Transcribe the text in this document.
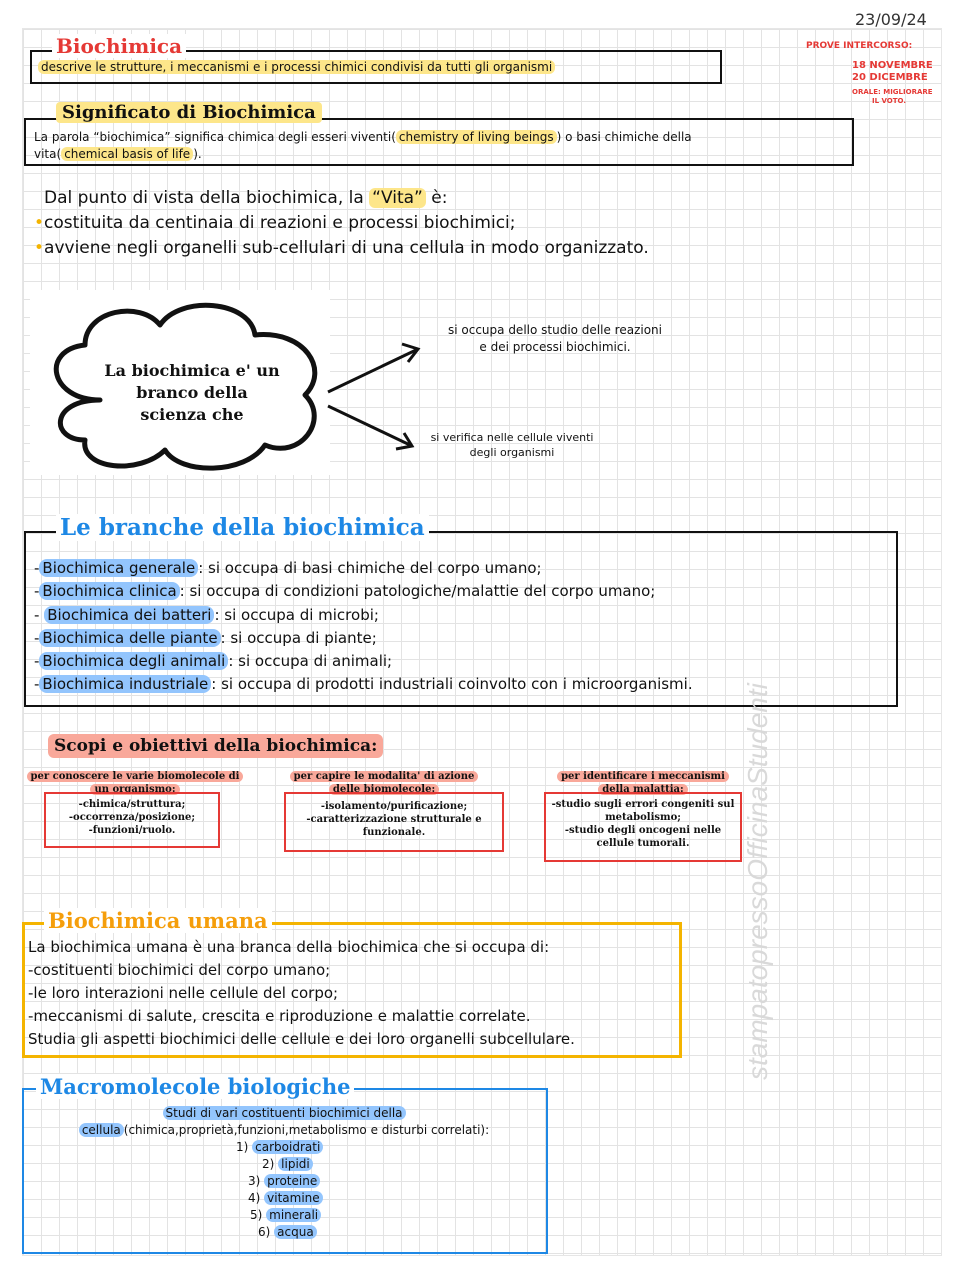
23/09/24
PROVE INTERCORSO:
18 NOVEMBRE
20 DICEMBRE
ORALE: MIGLIORARE
IL VOTO.
Biochimica
descrive le strutture, i meccanismi e i processi chimici condivisi da tutti gli organismi
Significato di Biochimica
La parola “biochimica” significa chimica degli esseri viventi( chemistry of living beings ) o basi chimiche della
vita( chemical basis of life ).
Dal punto di vista della biochimica, la “Vita” è:
•costituita da centinaia di reazioni e processi biochimici;
•avviene negli organelli sub-cellulari di una cellula in modo organizzato.
La biochimica e' un
branco della
scienza che
si occupa dello studio delle reazioni
e dei processi biochimici.
si verifica nelle cellule viventi
degli organismi
Le branche della biochimica
- Biochimica generale : si occupa di basi chimiche del corpo umano;
- Biochimica clinica : si occupa di condizioni patologiche/malattie del corpo umano;
- Biochimica dei batteri : si occupa di microbi;
- Biochimica delle piante : si occupa di piante;
- Biochimica degli animali : si occupa di animali;
- Biochimica industriale : si occupa di prodotti industriali coinvolto con i microorganismi.
Scopi e obiettivi della biochimica:
per conoscere le varie biomolecole di
un organismo:
-chimica/struttura;
-occorrenza/posizione;
-funzioni/ruolo.
per capire le modalita' di azione
delle biomolecole:
-isolamento/purificazione;
-caratterizzazione strutturale e
funzionale.
per identificare i meccanismi
della malattia:
-studio sugli errori congeniti sul
metabolismo;
-studio degli oncogeni nelle
cellule tumorali.
Biochimica umana
La biochimica umana è una branca della biochimica che si occupa di:
-costituenti biochimici del corpo umano;
-le loro interazioni nelle cellule del corpo;
-meccanismi di salute, crescita e riproduzione e malattie correlate.
Studia gli aspetti biochimici delle cellule e dei loro organelli subcellulare.
Macromolecole biologiche
Studi di vari costituenti biochimici della
cellula (chimica,proprietà,funzioni,metabolismo e disturbi correlati):
1) carboidrati
2) lipidi
3) proteine
4) vitamine
5) minerali
6) acqua
stampatopressoOfficinaStudenti
